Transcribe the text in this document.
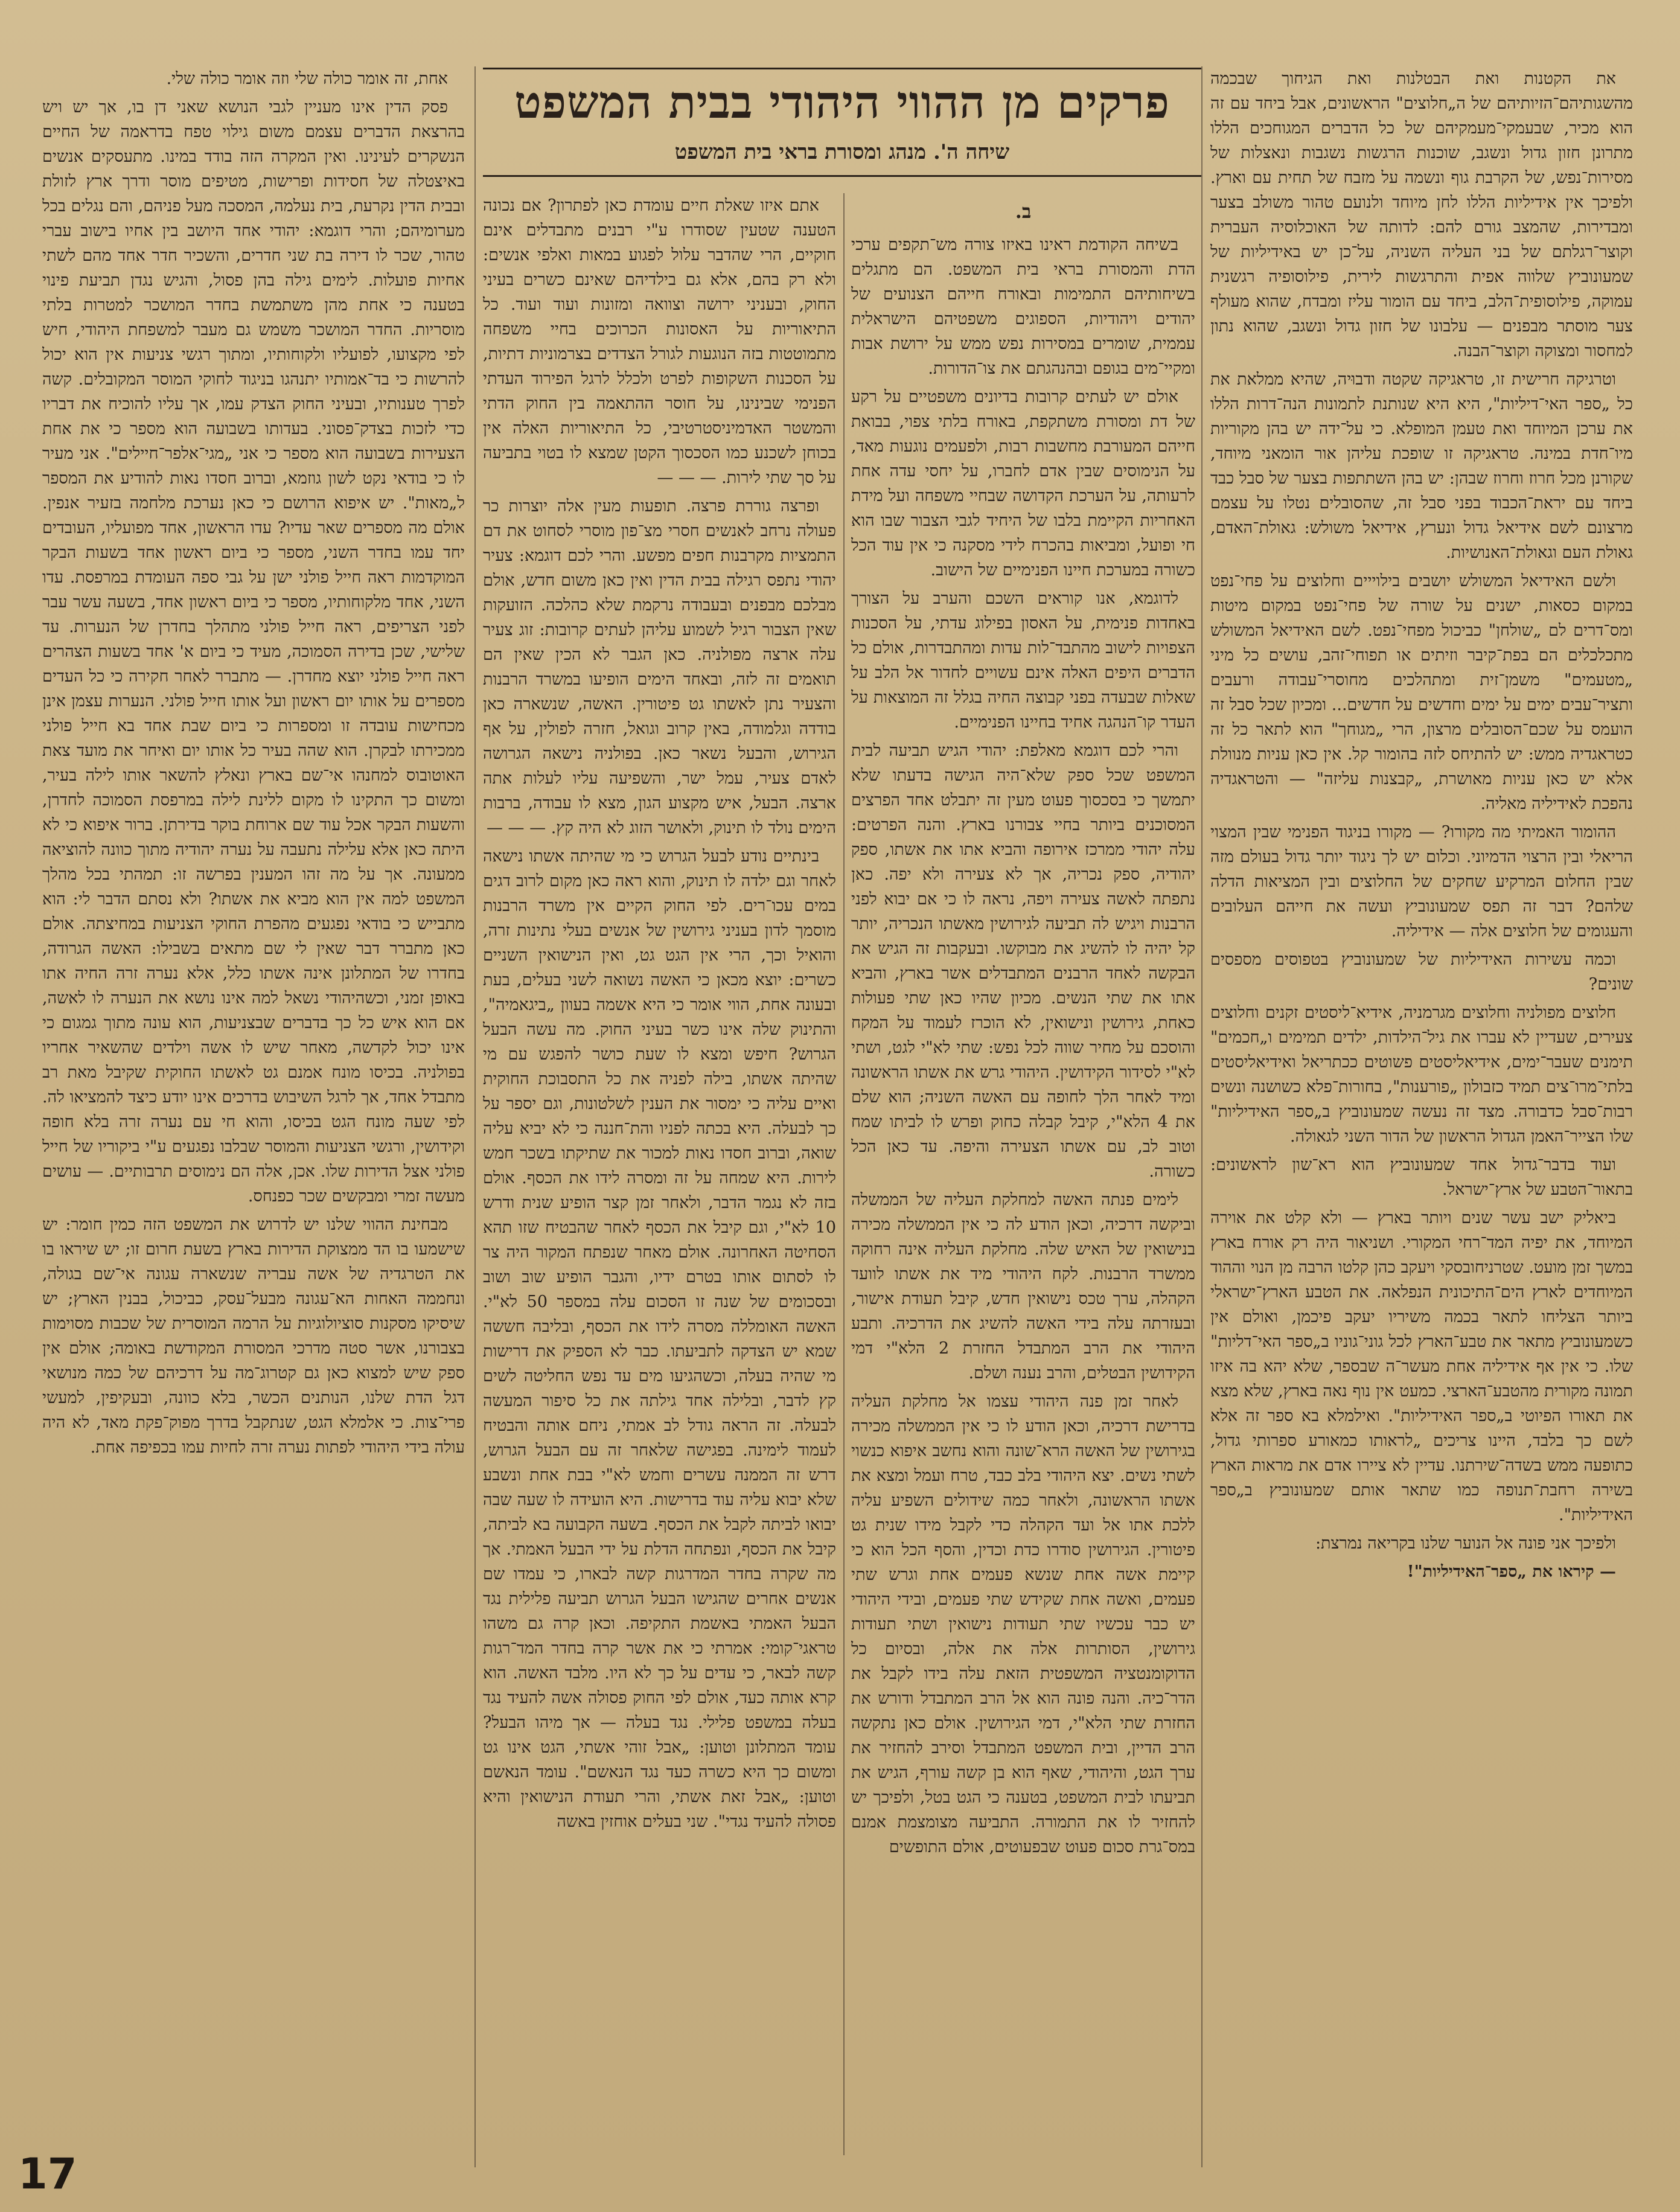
פרקים מן ההווי היהודי בבית המשפט
שיחה ה'. מנהג ומסורת בראי בית המשפט

את הקטנות ואת הבטלנות ואת הגיחוך שבכמה מהשגותיהם־הזיותיהם של ה„חלוצים" הראשונים, אבל ביחד עם זה הוא מכיר, שבעמקי־מעמקיהם של כל הדברים המגוחכים הללו מתרונן חזון גדול ונשגב, שוכנות הרגשות נשגבות ונאצלות של מסירות־נפש, של הקרבת גוף ונשמה על מזבח של תחית עם וארץ. ולפיכך אין אידיליות הללו לחן מיוחד ולנועם טהור משולב בצער ומבדירות, שהמצב גורם להם: לדותה של האוכלוסיה העברית וקוצר־רגלתם של בני העליה השניה, על־כן יש באידיליות של שמעונוביץ שלווה אפית והתרגשות לירית, פילוסופיה רגשנית עמוקה, פילוסופית־הלב, ביחד עם הומור עליז ומבדח, שהוא מעולף צער מוסתר מבפנים — עלבונו של חזון גדול ונשגב, שהוא נתון למחסור ומצוקה וקוצר־הבנה.

וטרגיקה חרישית זו, טראגיקה שקטה ודבוּיה, שהיא ממלאת את כל „ספר האי־דיליות", היא היא שנותנת לתמונות הנה־דרות הללו את ערכן המיוחד ואת טעמן המופלא. כי על־ידה יש בהן מקוריות מיו־חדת במינה. טראגיקה זו שופכת עליהן אור הומאני מיוחד, שקורנן מכל חרוז וחרוז שבהן: יש בהן השתתפות בצער של סבל כבד ביחד עם יראת־הכבוד בפני סבל זה, שהסובלים נטלו על עצמם מרצונם לשם אידיאל גדול ונערץ, אידיאל משולש: גאולת־האדם, גאולת העם וגאולת־האנושיות.

ולשם האידיאל המשולש יושבים בילוייים וחלוצים על פחי־נפט במקום כסאות, ישנים על שורה של פחי־נפט במקום מיטות ומס־דרים לם „שולחן" כביכול מפחי־נפט. לשם האידיאל המשולש מתכלכלים הם בפת־קיבר וזיתים או תפוחי־זהב, עושים כל מיני „מטעמים" משמן־זית ומתהלכים מחוסרי־עבודה ורעבים ותציר־עבים ימים על ימים וחדשים על חדשים... ומכיון שכל סבל זה הועמס על שכם־הסובלים מרצון, הרי „מגוחך" הוא לתאר כל זה כטראגדיה ממש: יש להתיחס לזה בהומור קל. אין כאן עניות מנוולת אלא יש כאן עניות מאושרת, „קבצנות עליזה" — והטראגדיה נהפכת לאידיליה מאליה.

ההומור האמיתי מה מקורו? — מקורו בניגוד הפנימי שבין המצוי הריאלי ובין הרצוי הדמיוני. וכלום יש לך ניגוד יותר גדול בעולם מזה שבין החלום המרקיע שחקים של החלוצים ובין המציאות הדלה שלהם? דבר זה תפס שמעונוביץ ועשה את חייהם העלובים והעגומים של חלוצים אלה — אידיליה.

וכמה עשירות האידיליות של שמעונוביץ בטפוסים מספסים שונים?

חלוצים מפולניה וחלוצים מגרמניה, אידיא־ליסטים זקנים וחלוצים צעירים, שעדיין לא עברו את גיל־הילדות, ילדים תמימים ו„חכמים" תימנים שעבר־ימים, אידיאליסטים פשוטים ככתריאל ואידיאליסטים בלתי־מרו־צים תמיד כזבולון „פורענות", בחורות־פלא כשושנה ונשים רבות־סבל כדבורה. מצד זה נעשה שמעונוביץ ב„ספר האידיליות" שלו הצייר־האמן הגדול הראשון של הדור השני לגאולה.

ועוד בדבר־גדול אחד שמעונוביץ הוא רא־שון לראשונים: בתאור־הטבע של ארץ־ישראל.

ביאליק ישב עשר שנים ויותר בארץ — ולא קלט את אוירה המיוחד, את יפיה המד־רחי המקורי. ושניאור היה רק אורח בארץ במשך זמן מועט. שטרניחובסקי ויעקב כהן קלטו הרבה מן הנוי וההוד המיוחדים לארץ הים־התיכונית הנפלאה. את הטבע הארץ־ישראלי ביותר הצליחו לתאר בכמה משיריו יעקב פיכמן, ואולם אין כשמעונוביץ מתאר את טבע־הארץ לכל גוני־גוניו ב„ספר האי־דליות" שלו. כי אין אף אידיליה אחת מעשר־ה שבספר, שלא יהא בה איזו תמונה מקורית מהטבע־הארצי. כמעט אין נוף נאה בארץ, שלא מצא את תאורו הפיוטי ב„ספר האידיליות". ואילמלא בא ספר זה אלא לשם כך בלבד, היינו צריכים „לראותו כמאורע ספרותי גדול, כתופעה ממש בשדה־שירתנו. עדיין לא ציירו אדם את מראות הארץ בשירה רחבת־תנופה כמו שתאר אותם שמעונוביץ ב„ספר האידיליות".

ולפיכך אני פונה אל הנוער שלנו בקריאה נמרצת:

— קיראו את „ספר־האידיליות"!

ב.

בשיחה הקודמת ראינו באיזו צורה מש־תקפים ערכי הדת והמסורת בראי בית המשפט. הם מתגלים בשיחותיהם התמימות ובאורח חייהם הצנועים של יהודים ויהודיות, הספוגים משפטיהם הישראלית עממית, שומרים במסירות נפש ממש על ירושת אבות ומקיי־מים בגופם ובהנהגתם את צו־הדורות.

אולם יש לעתים קרובות בדיונים משפטיים על רקע של דת ומסורת משתקפת, באורח בלתי צפוי, בבואת חייהם המעורבת מחשבות רבות, ולפעמים נוגעות מאד, על הנימוסים שבין אדם לחברו, על יחסי עדה אחת לרעותה, על הערכת הקדושה שבחיי משפחה ועל מידת האחריות הקיימת בלבו של היחיד לגבי הצבור שבו הוא חי ופועל, ומביאות בהכרח לידי מסקנה כי אין עוד הכל כשורה במערכת חיינו הפנימיים של הישוב.

לדוגמא, אנו קוראים השכם והערב על הצורך באחדות פנימית, על האסון בפילוג עדתי, על הסכנות הצפויות לישוב מהתבד־לות עדות ומהתבדרות, אולם כל הדברים היפים האלה אינם עשויים לחדור אל הלב על שאלות שבעדה בפני קבוצה החיה בגלל זה המוצאות על העדר קו־הנהגה אחיד בחיינו הפנימיים.

והרי לכם דוגמא מאלפת: יהודי הגיש תביעה לבית המשפט שכל ספק שלא־היה הגישה בדעתו שלא יתמשך כי בסכסוך פעוט מעין זה יתבלט אחד הפרצים המסוכנים ביותר בחיי צבורנו בארץ. והנה הפרטים: עלה יהודי ממרכז אירופה והביא אתו את אשתו, ספק יהודיה, ספק נכריה, אך לא צעירה ולא יפה. כאן נתפתה לאשה צעירה ויפה, נראה לו כי אם יבוא לפני הרבנות ויגיש לה תביעה לגירושין מאשתו הנכריה, יותר קל יהיה לו להשיג את מבוקשו. ובעקבות זה הגיש את הבקשה לאחד הרבנים המתבדלים אשר בארץ, והביא אתו את שתי הנשים. מכיון שהיו כאן שתי פעולות כאחת, גירושין ונישואין, לא הוכרז לעמוד על המקח והוסכם על מחיר שווה לכל נפש: שתי לא"י לגט, ושתי לא"י לסידור הקידושין. היהודי גרש את אשתו הראשונה ומיד לאחר הלך לחופה עם האשה השניה; הוא שלם את 4 הלא"י, קיבל קבלה כחוק ופרש לו לביתו שמח וטוב לב, עם אשתו הצעירה והיפה. עד כאן הכל כשורה.

לימים פנתה האשה למחלקת העליה של הממשלה וביקשה דרכיה, וכאן הודע לה כי אין הממשלה מכירה בנישואין של האיש שלה. מחלקת העליה אינה רחוקה ממשרד הרבנות. לקח היהודי מיד את אשתו לוועד הקהלה, ערך טכס נישואין חדש, קיבל תעודת אישור, ובעזרתה עלה בידי האשה להשיג את הדרכיה. ותבע היהודי את הרב המתבדל החזרת 2 הלא"י דמי הקידושין הבטלים, והרב נענה ושלם.

לאחר זמן פנה היהודי עצמו אל מחלקת העליה בדרישת דרכיה, וכאן הודע לו כי אין הממשלה מכירה בגירושין של האשה הרא־שונה והוא נחשב איפוא כנשוי לשתי נשים. יצא היהודי בלב כבד, טרח ועמל ומצא את אשתו הראשונה, ולאחר כמה שידולים השפיע עליה ללכת אתו אל ועד הקהלה כדי לקבל מידו שנית גט פיטורין. הגירושין סודרו כדת וכדין, והסף הכל הוא כי קיימת אשה אחת שנשא פעמים אחת וגרש שתי פעמים, ואשה אחת שקידש שתי פעמים, ובידי היהודי יש כבר עכשיו שתי תעודות נישואין ושתי תעודות גירושין, הסותרות אלה את אלה, ובסיום כל הדוקומנטציה המשפטית הזאת עלה בידו לקבל את הדר־כיה. והנה פונה הוא אל הרב המתבדל ודורש את החזרת שתי הלא"י, דמי הגירושין. אולם כאן נתקשה הרב הדיין, ובית המשפט המתבדל וסירב להחזיר את ערך הגט, והיהודי, שאף הוא בן קשה עורף, הגיש את תביעתו לבית המשפט, בטענה כי הגט בטל, ולפיכך יש להחזיר לו את התמורה. התביעה מצומצמת אמנם במס־גרת סכום פעוט שבפעוטים, אולם התופשים

אתם איזו שאלת חיים עומדת כאן לפתרון? אם נכונה הטענה שטעין שסודרו ע"י רבנים מתבדלים אינם חוקיים, הרי שהדבר עלול לפגוע במאות ואלפי אנשים: ולא רק בהם, אלא גם בילדיהם שאינם כשרים בעיני החוק, ובעניני ירושה וצוואה ומזונות ועוד ועוד. כל התיאוריות על האסונות הכרוכים בחיי משפחה מתמוטטות בזה הנוגעות לגורל הצדדים בצרמוניות דתיות, על הסכנות השקופות לפרט ולכלל לרגל הפירוד העדתי הפנימי שבינינו, על חוסר ההתאמה בין החוק הדתי והמשטר האדמיניסטרטיבי, כל התיאוריות האלה אין בכוחן לשכנע כמו הסכסוך הקטן שמצא לו בטוי בתביעה על סך שתי לירות. — — —

ופרצה גוררת פרצה. תופעות מעין אלה יוצרות כר פעולה נרחב לאנשים חסרי מצ־פון מוסרי לסחוט את דם התמציות מקרבנות חפים מפשע. והרי לכם דוגמא: צעיר יהודי נתפס רגילה בבית הדין ואין כאן משום חדש, אולם מבלכם מבפנים ובעבודה נרקמת שלא כהלכה. הזועקות שאין הצבור רגיל לשמוע עליהן לעתים קרובות: זוג צעיר עלה ארצה מפולניה. כאן הגבר לא הכין שאין הם תואמים זה לזה, ובאחד הימים הופיעו במשרד הרבנות והצעיר נתן לאשתו גט פיטורין. האשה, שנשארה כאן בודדה וגלמודה, באין קרוב וגואל, חזרה לפולין, על אף הגירוש, והבעל נשאר כאן. בפולניה נישאה הגרושה לאדם צעיר, עמל ישר, והשפיעה עליו לעלות אתה ארצה. הבעל, איש מקצוע הגון, מצא לו עבודה, ברבות הימים נולד לו תינוק, ולאושר הזוג לא היה קץ. — — —

בינתיים נודע לבעל הגרוש כי מי שהיתה אשתו נישאה לאחר וגם ילדה לו תינוק, והוא ראה כאן מקום לרוב דגים במים עכו־רים. לפי החוק הקיים אין משרד הרבנות מוסמך לדון בעניני גירושין של אנשים בעלי נתינות זרה, והואיל וכך, הרי אין הגט גט, ואין הנישואין השניים כשרים: יוצא מכאן כי האשה נשואה לשני בעלים, בעת ובעונה אחת, הווי אומר כי היא אשמה בעוון „ביגאמיה", והתינוק שלה אינו כשר בעיני החוק. מה עשה הבעל הגרוש? חיפש ומצא לו שעת כושר להפגש עם מי שהיתה אשתו, בילה לפניה את כל התסבוכת החוקית ואיים עליה כי ימסור את הענין לשלטונות, וגם יספר על כך לבעלה. היא בכתה לפניו והת־חננה כי לא יביא עליה שואה, וברוב חסדו נאות למכור את שתיקתו בשכר חמש לירות. היא שמחה על זה ומסרה לידו את הכסף. אולם בזה לא נגמר הדבר, ולאחר זמן קצר הופיע שנית ודרש 10 לא"י, וגם קיבל את הכסף לאחר שהבטיח שזו תהא הסחיטה האחרונה. אולם מאחר שנפתח המקור היה צר לו לסתום אותו בטרם ידיו, והגבר הופיע שוב ושוב ובסכומים של שנה זו הסכום עלה במספר 50 לא"י. האשה האומללה מסרה לידו את הכסף, ובליבה חששה שמא יש הצדקה לתביעתו. כבר לא הספיק את דרישות מי שהיה בעלה, וכשהגיעו מים עד נפש החליטה לשים קץ לדבר, ובלילה אחד גילתה את כל סיפור המעשה לבעלה. זה הראה גודל לב אמתי, ניחם אותה והבטיח לעמוד לימינה. בפגישה שלאחר זה עם הבעל הגרוש, דרש זה הממנה עשרים וחמש לא"י בבת אחת ונשבע שלא יבוא עליה עוד בדרישות. היא הועידה לו שעה שבה יבואו לביתה לקבל את הכסף. בשעה הקבועה בא לביתה, קיבל את הכסף, ונפתחה הדלת על ידי הבעל האמתי. אך מה שקרה בחדר המדרגות קשה לבארו, כי עמדו שם אנשים אחרים שהגישו הבעל הגרוש תביעה פלילית נגד הבעל האמתי באשמת התקיפה. וכאן קרה גם משהו טראגי־קומי: אמרתי כי את אשר קרה בחדר המד־רגות קשה לבאר, כי עדים על כך לא היו. מלבד האשה. הוא קרא אותה כעד, אולם לפי החוק פסולה אשה להעיד נגד בעלה במשפט פלילי. נגד בעלה — אך מיהו הבעל? עומד המתלונן וטוען: „אבל זוהי אשתי, הגט אינו גט ומשום כך היא כשרה כעד נגד הנאשם". עומד הנאשם וטוען: „אבל זאת אשתי, והרי תעודת הנישואין והיא פסולה להעיד נגדי". שני בעלים אוחזין באשה

אחת, זה אומר כולה שלי וזה אומר כולה שלי.

פסק הדין אינו מעניין לגבי הנושא שאני דן בו, אך יש ויש בהרצאת הדברים עצמם משום גילוי טפח בדראמה של החיים הנשקרים לעינינו. ואין המקרה הזה בודד במינו. מתעסקים אנשים באיצטלה של חסידות ופרישות, מטיפים מוסר ודרך ארץ לזולת ובבית הדין נקרעת, בית נעלמה, המסכה מעל פניהם, והם נגלים בכל מערומיהם; והרי דוגמא: יהודי אחד היושב בין אחיו בישוב עברי טהור, שכר לו דירה בת שני חדרים, והשכיר חדר אחד מהם לשתי אחיות פועלות. לימים גילה בהן פסול, והגיש נגדן תביעת פינוי בטענה כי אחת מהן משתמשת בחדר המושכר למטרות בלתי מוסריות. החדר המושכר משמש גם מעבר למשפחת היהודי, חיש לפי מקצועו, לפועליו ולקוחותיו, ומתוך רגשי צניעות אין הוא יכול להרשות כי בד־אמותיו יתנהגו בניגוד לחוקי המוסר המקובלים. קשה לפרך טענותיו, ובעיני החוק הצדק עמו, אך עליו להוכיח את דבריו כדי לזכות בצדק־פסוני. בעדותו בשבועה הוא מספר כי את אחת הצעירות בשבועה הוא מספר כי אני „מגי־אלפר־חיילים". אני מעיר לו כי בודאי נקט לשון גוזמא, וברוב חסדו נאות להודיע את המספר ל„מאות". יש איפוא הרושם כי כאן נערכת מלחמה בזעיר אנפין. אולם מה מספרים שאר עדיו? עדו הראשון, אחד מפועליו, העובדים יחד עמו בחדר השני, מספר כי ביום ראשון אחד בשעות הבקר המוקדמות ראה חייל פולני ישן על גבי ספה העומדת במרפסת. עדו השני, אחד מלקוחותיו, מספר כי ביום ראשון אחד, בשעה עשר עבר לפני הצריפים, ראה חייל פולני מתהלך בחדרן של הנערות. עד שלישי, שכן בדירה הסמוכה, מעיד כי ביום א' אחד בשעות הצהרים ראה חייל פולני יוצא מחדרן. — מתברר לאחר חקירה כי כל העדים מספרים על אותו יום ראשון ועל אותו חייל פולני. הנערות עצמן אינן מכחישות עובדה זו ומספרות כי ביום שבת אחד בא חייל פולני ממכירתו לבקרן. הוא שהה בעיר כל אותו יום ואיחר את מועד צאת האוטובוס למחנהו אי־שם בארץ ונאלץ להשאר אותו לילה בעיר, ומשום כך התקינו לו מקום ללינת לילה במרפסת הסמוכה לחדרן, והשעות הבקר אכל עוד שם ארוחת בוקר בדירתן. ברור איפוא כי לא היתה כאן אלא עלילה נתעבה על נערה יהודיה מתוך כוונה להוציאה ממעונה. אך על מה זהו המענין בפרשה זו: תמהתי בכל מהלך המשפט למה אין הוא מביא את אשתו? ולא נסתם הדבר לי: הוא מתבייש כי בודאי נפגעים מהפרת החוקי הצניעות במחיצתה. אולם כאן מתברר דבר שאין לי שם מתאים בשבילו: האשה הגרודה, בחדרו של המתלונן אינה אשתו כלל, אלא נערה זרה החיה אתו באופן זמני, וכשהיהודי נשאל למה אינו נושא את הנערה לו לאשה, אם הוא איש כל כך בדברים שבצניעות, הוא עונה מתוך גמגום כי אינו יכול לקדשה, מאחר שיש לו אשה וילדים שהשאיר אחריו בפולניה. בכיסו מונח אמנם גט לאשתו החוקית שקיבל מאת רב מתבדל אחד, אך לרגל השיבוש בדרכים אינו יודע כיצד להמציאו לה. לפי שעה מונח הגט בכיסו, והוא חי עם נערה זרה בלא חופה וקידושין, ורגשי הצניעות והמוסר שבלבו נפגעים ע"י ביקוריו של חייל פולני אצל הדירות שלו. אכן, אלה הם נימוסים תרבותיים. — עושים מעשה זמרי ומבקשים שכר כפנחס.

מבחינת ההווי שלנו יש לדרוש את המשפט הזה כמין חומר: יש שישמעו בו הד ממצוקת הדירות בארץ בשעת חרום זו; יש שיראו בו את הטרגדיה של אשה עבריה שנשארה עגונה אי־שם בגולה, ונחממה האחות הא־עגונה מבעל־עסק, כביכול, בבנין הארץ; יש שיסיקו מסקנות סוציולוגיות על הרמה המוסרית של שכבות מסוימות בצבורנו, אשר סטה מדרכי המסורת המקודשת באומה; אולם אין ספק שיש למצוא כאן גם קטרוג־מה על דרכיהם של כמה מנושאי דגל הדת שלנו, הנותנים הכשר, בלא כוונה, ובעקיפין, למעשי פרי־צות. כי אלמלא הגט, שנתקבל בדרך מפוק־פקת מאד, לא היה עולה בידי היהודי לפתות נערה זרה לחיות עמו בכפיפה אחת.

17
